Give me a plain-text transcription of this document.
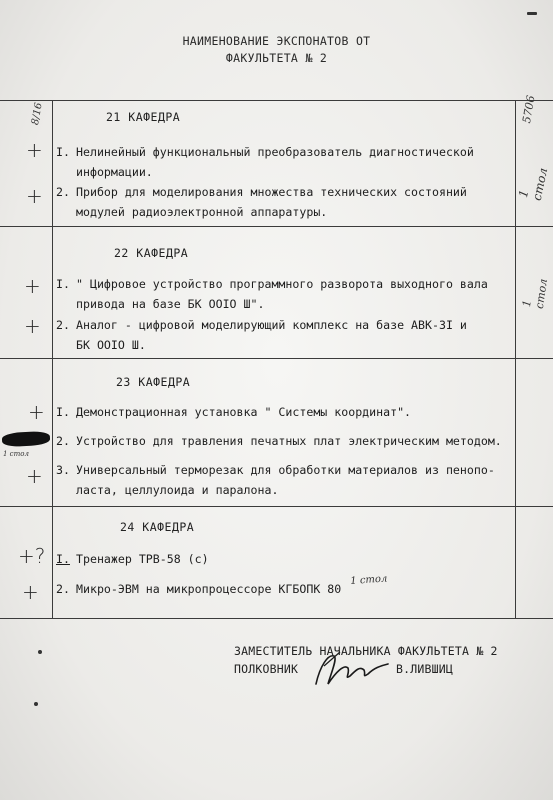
НАИМЕНОВАНИЕ ЭКСПОНАТОВ ОТ
ФАКУЛЬТЕТА № 2
21 КАФЕДРА
I. Нелинейный функциональный преобразователь диагностической
информации.
2. Прибор для моделирования множества технических состояний
модулей радиоэлектронной аппаратуры.
22 КАФЕДРА
I. " Цифровое устройство программного разворота выходного вала
привода на базе БК ООIО Ш".
2. Аналог - цифровой моделирующий комплекс на базе АВК-3I и
БК ООIО Ш.
23 КАФЕДРА
I. Демонстрационная установка " Системы координат".
2. Устройство для травления печатных плат электрическим методом.
3. Универсальный терморезак для обработки материалов из пенопо-
ласта, целлулоида и паралона.
24 КАФЕДРА
I. Тренажер ТРВ-58 (с)
2. Микро-ЭВМ на микропроцессоре КГБОПК 80
1 стол
+
+
+
+
+
+
+?
+
1 стол
8/16	5706
1 стол
1 стол
ЗАМЕСТИТЕЛЬ НАЧАЛЬНИКА ФАКУЛЬТЕТА № 2
ПОЛКОВНИК	В.ЛИВШИЦ
